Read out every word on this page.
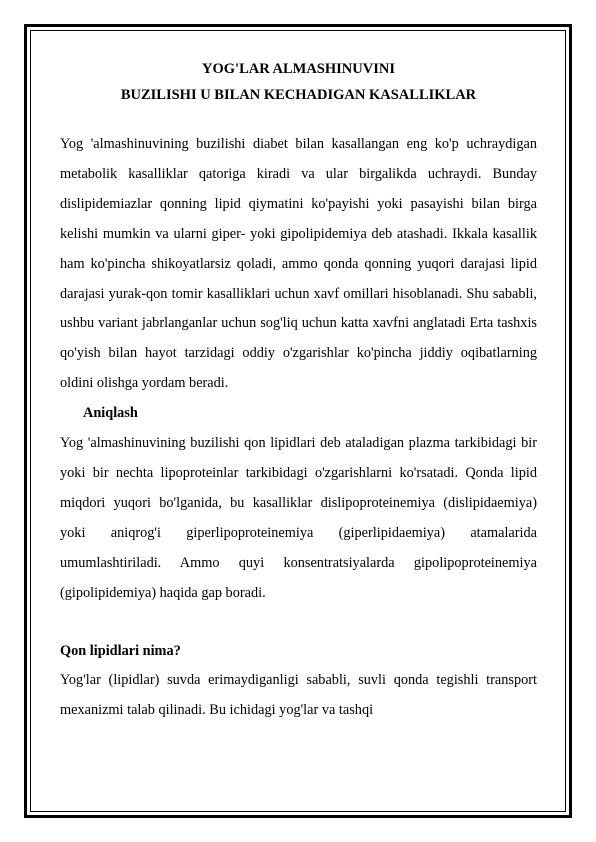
YOG'LAR ALMASHINUVINI

BUZILISHI U BILAN KECHADIGAN KASALLIKLAR

Yog 'almashinuvining buzilishi diabet bilan kasallangan eng ko'p uchraydigan metabolik kasalliklar qatoriga kiradi va ular birgalikda uchraydi. Bunday dislipidemiazlar qonning lipid qiymatini ko'payishi yoki pasayishi bilan birga kelishi mumkin va ularni giper- yoki gipolipidemiya deb atashadi. Ikkala kasallik ham ko'pincha shikoyatlarsiz qoladi, ammo qonda qonning yuqori darajasi lipid darajasi yurak-qon tomir kasalliklari uchun xavf omillari hisoblanadi. Shu sababli, ushbu variant jabrlanganlar uchun sog'liq uchun katta xavfni anglatadi Erta tashxis qo'yish bilan hayot tarzidagi oddiy o'zgarishlar ko'pincha jiddiy oqibatlarning oldini olishga yordam beradi.

Aniqlash

Yog 'almashinuvining buzilishi qon lipidlari deb ataladigan plazma tarkibidagi bir yoki bir nechta lipoproteinlar tarkibidagi o'zgarishlarni ko'rsatadi. Qonda lipid miqdori yuqori bo'lganida, bu kasalliklar dislipoproteinemiya (dislipidaemiya) yoki aniqrog'i giperlipoproteinemiya (giperlipidaemiya) atamalarida umumlashtiriladi. Ammo quyi konsentratsiyalarda gipolipoproteinemiya (gipolipidemiya) haqida gap boradi.

Qon lipidlari nima?

Yog'lar (lipidlar) suvda erimaydiganligi sababli, suvli qonda tegishli transport mexanizmi talab qilinadi. Bu ichidagi yog'lar va tashqi
